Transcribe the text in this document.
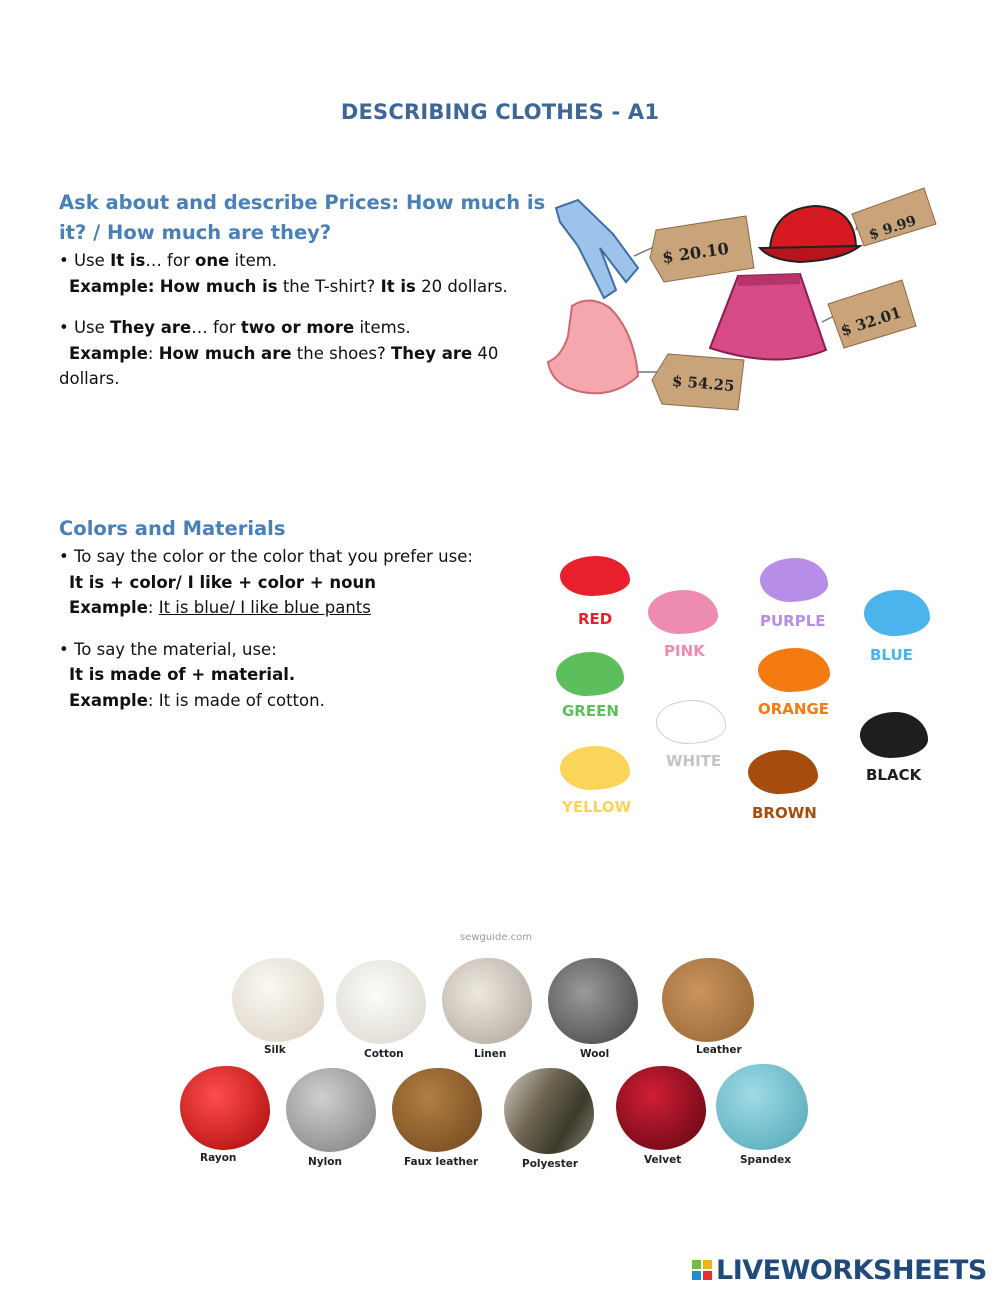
DESCRIBING CLOTHES - A1
Ask about and describe Prices: How much is
it? / How much are they?
• Use It is… for one item.
Example: How much is the T-shirt? It is 20 dollars.
• Use They are… for two or more items.
Example: How much are the shoes? They are 40
dollars.
$ 20.10
$ 9.99
$ 32.01
$ 54.25
Colors and Materials
• To say the color or the color that you prefer use:
It is + color/ I like + color + noun
Example: It is blue/ I like blue pants
• To say the material, use:
It is made of + material.
Example: It is made of cotton.
RED
PINK
PURPLE
BLUE
GREEN
WHITE
ORANGE
BLACK
YELLOW	BROWN
sewguide.com
Silk	Cotton	Linen	Wool	Leather
Rayon	Nylon	Faux leather	Polyester	Velvet	Spandex
LIVEWORKSHEETS
